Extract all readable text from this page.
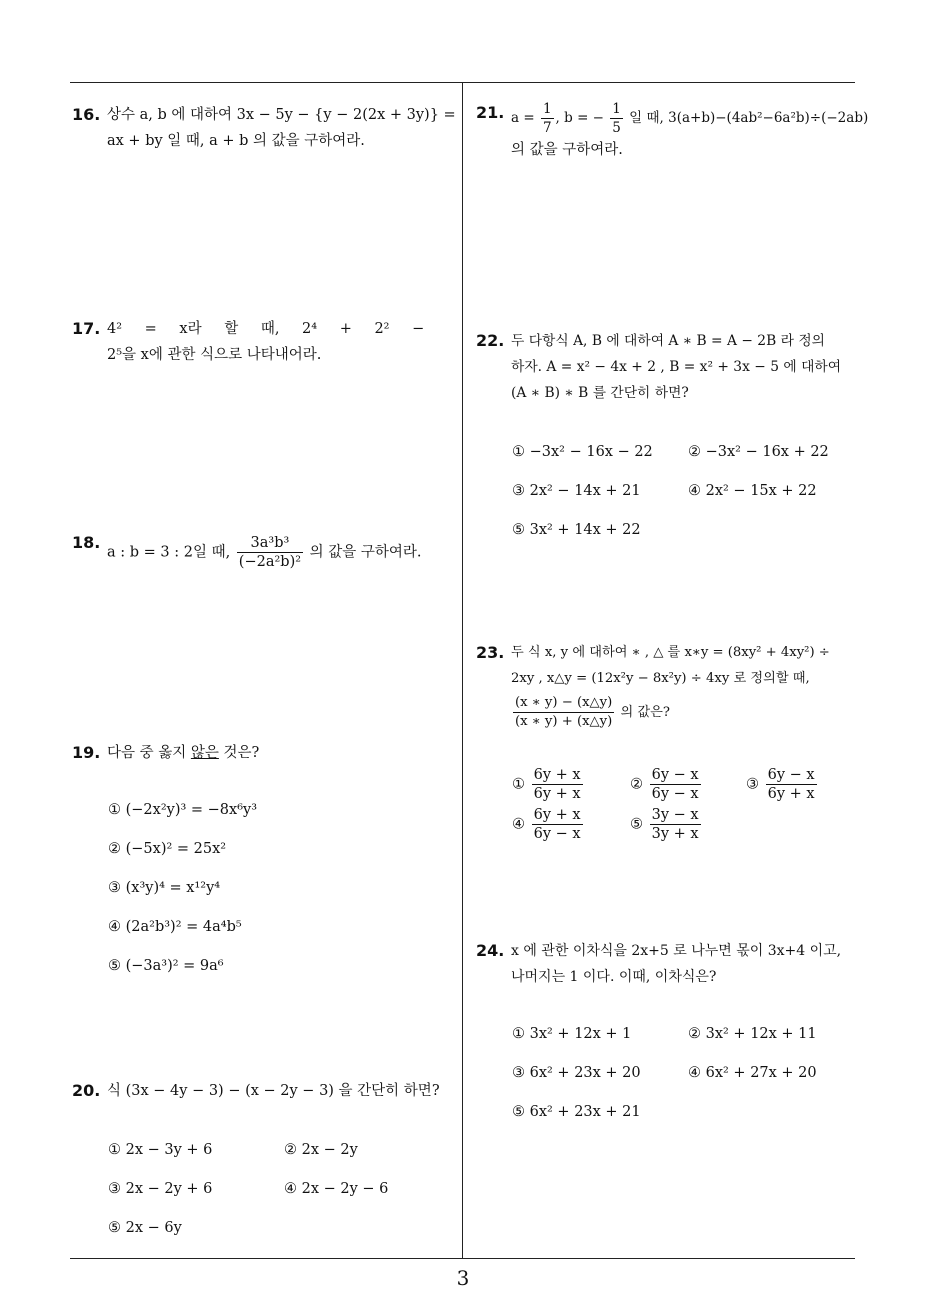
16. 상수 a, b 에 대하여 3x − 5y − {y − 2(2x + 3y)} =
ax + by 일 때, a + b 의 값을 구하여라.
17. 4² = x라 할 때, 2⁴ + 2² −
2⁵을 x에 관한 식으로 나타내어라.
18.
a : b = 3 : 2일 때, $\frac{\text{3a³b³}}{\text{(−2a²b)²}}$ 의 값을 구하여라.
19. 다음 중 옳지 않은 것은?
① (−2x²y)³ = −8x⁶y³
② (−5x)² = 25x²
③ (x³y)⁴ = x¹²y⁴
④ (2a²b³)² = 4a⁴b⁵
⑤ (−3a³)² = 9a⁶
20. 식 (3x − 4y − 3) − (x − 2y − 3) 을 간단히 하면?
① 2x − 3y + 6	② 2x − 2y
③ 2x − 2y + 6	④ 2x − 2y − 6
⑤ 2x − 6y
21. $a = \frac{1}{7}$ , b = − $\frac{1}{5}$ 일 때, 3(a+b)−(4ab²−6a²b)÷(−2ab)
의 값을 구하여라.
22. 두 다항식 A, B 에 대하여 A ∗ B = A − 2B 라 정의
하자. A = x² − 4x + 2 , B = x² + 3x − 5 에 대하여
(A ∗ B) ∗ B 를 간단히 하면?
① −3x² − 16x − 22 ② −3x² − 16x + 22
③ 2x² − 14x + 21	④ 2x² − 15x + 22
⑤ 3x² + 14x + 22
23. 두 식 x, y 에 대하여 ∗ , △ 를 x∗y = (8xy² + 4xy²) ÷
2xy , x△y = (12x²y − 8x²y) ÷ 4xy 로 정의할 때,
$\frac{(x ∗ y) - (x\triangle y)}{(x ∗ y) + (x\triangle y)}$ 의 값은?
① $\frac{6y + x}{6y + x}$	② $\frac{6y - x}{6y - x}$	③ $\frac{6y - x}{6y + x}$
④ $\frac{6y + x}{6y - x}$	⑤ $\frac{3y - x}{3y + x}$
24. x 에 관한 이차식을 2x+5 로 나누면 몫이 3x+4 이고,
나머지는 1 이다. 이때, 이차식은?
① 3x² + 12x + 1	② 3x² + 12x + 11
③ 6x² + 23x + 20	④ 6x² + 27x + 20
⑤ 6x² + 23x + 21
3
